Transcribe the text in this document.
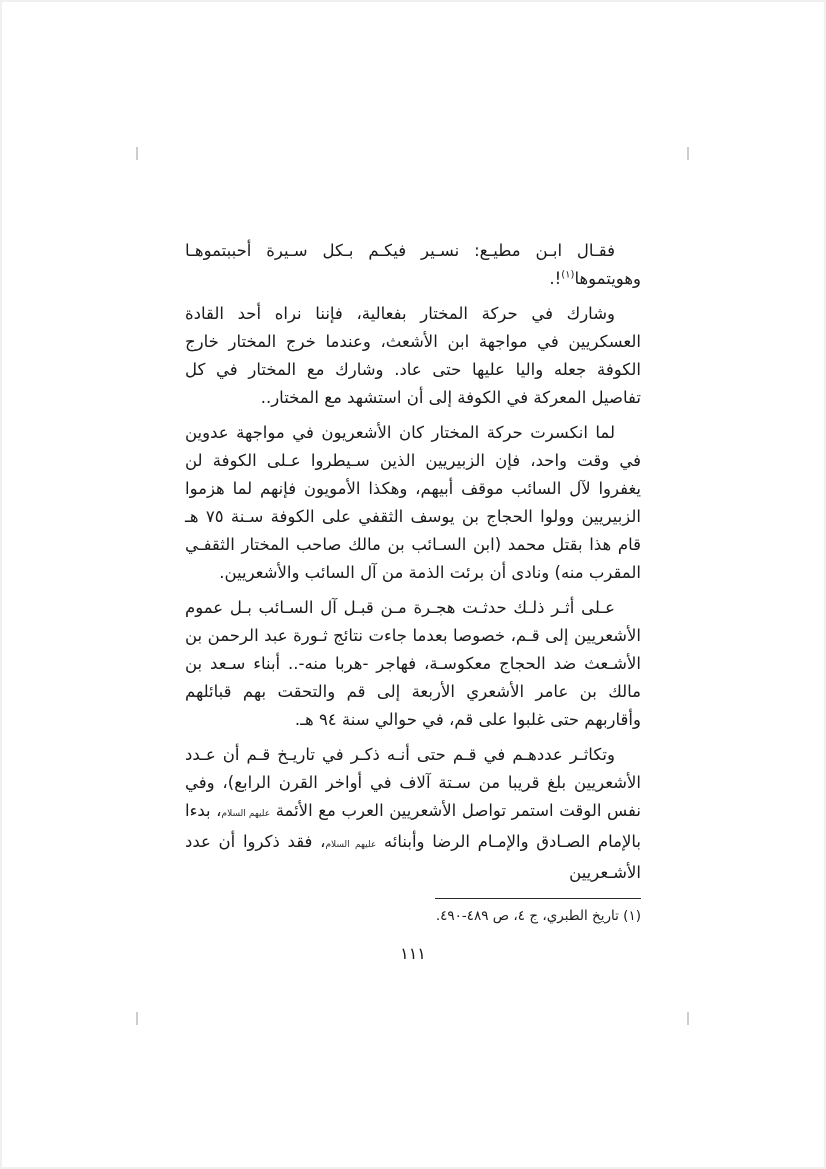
فقـال ابـن مطيـع: نسـير فيكـم بـكل سـيرة أحببتموهـا وهويتموها$^{(١)}$!.

وشارك في حركة المختار بفعالية، فإننا نراه أحد القادة العسكريين في مواجهة ابن الأشعث، وعندما خرج المختار خارج الكوفة جعله واليا عليها حتى عاد. وشارك مع المختار في كل تفاصيل المعركة في الكوفة إلى أن استشهد مع المختار..

لما انكسرت حركة المختار كان الأشعريون في مواجهة عدوين في وقت واحد، فإن الزبيريين الذين سـيطروا عـلى الكوفة لن يغفروا لآل السائب موقف أبيهم، وهكذا الأمويون فإنهم لما هزموا الزبيريين وولوا الحجاج بن يوسف الثقفي على الكوفة سـنة ٧٥ هـ قام هذا بقتل محمد (ابن السـائب بن مالك صاحب المختار الثقفـي المقرب منه) ونادى أن برئت الذمة من آل السائب والأشعريين.

عـلى أثـر ذلـك حدثـت هجـرة مـن قبـل آل السـائب بـل عموم الأشعريين إلى قـم، خصوصا بعدما جاءت نتائج ثـورة عبد الرحمن بن الأشـعث ضد الحجاج معكوسـة، فهاجر -هربا منه-.. أبناء سـعد بن مالك بن عامر الأشعري الأربعة إلى قم والتحقت بهم قبائلهم وأقاربهم حتى غلبوا على قم، في حوالي سنة ٩٤ هـ.

وتكاثـر عددهـم في قـم حتى أنـه ذكـر في تاريـخ قـم أن عـدد الأشعريين بلغ قريبا من سـتة آلاف في أواخر القرن الرابع)، وفي نفس الوقت استمر تواصل الأشعريين العرب مع الأئمة عليهم السلام، بدءا بالإمام الصـادق والإمـام الرضا وأبنائه عليهم السلام، فقد ذكروا أن عدد الأشـعريين

(١) تاريخ الطبري، ج ٤، ص ٤٨٩-٤٩٠.
١١١
